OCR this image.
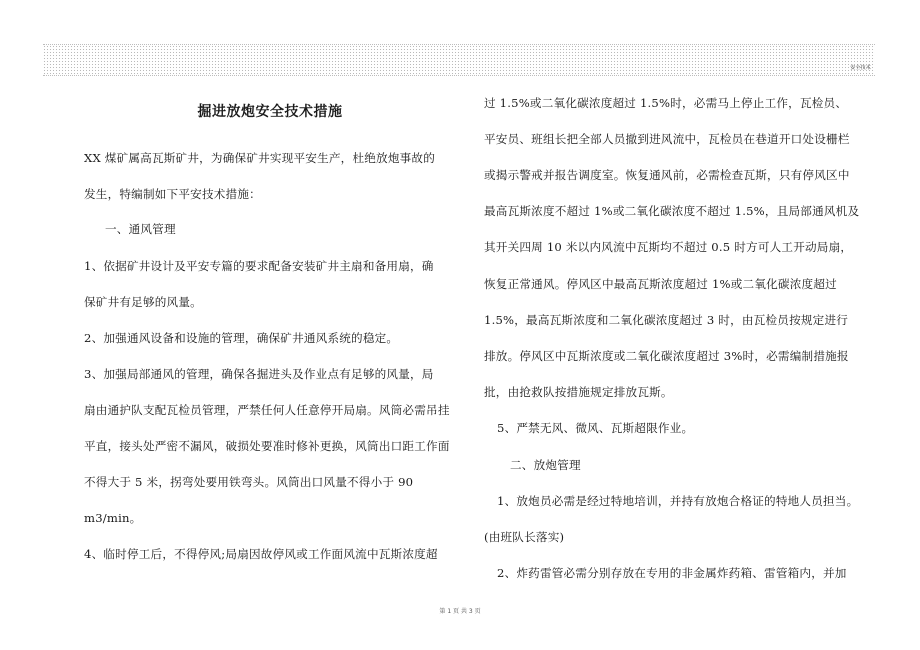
安全技术
掘进放炮安全技术措施
XX 煤矿属高瓦斯矿井，为确保矿井实现平安生产，杜绝放炮事故的
发生，特编制如下平安技术措施：
一、通风管理
1、依据矿井设计及平安专篇的要求配备安装矿井主扇和备用扇，确
保矿井有足够的风量。
2、加强通风设备和设施的管理，确保矿井通风系统的稳定。
3、加强局部通风的管理，确保各掘进头及作业点有足够的风量，局
扇由通护队支配瓦检员管理，严禁任何人任意停开局扇。风筒必需吊挂
平直，接头处严密不漏风，破损处要准时修补更换，风筒出口距工作面
不得大于 5 米，拐弯处要用铁弯头。风筒出口风量不得小于 90
m3/min。
4、临时停工后，不得停风;局扇因故停风或工作面风流中瓦斯浓度超
过 1.5%或二氧化碳浓度超过 1.5%时，必需马上停止工作，瓦检员、
平安员、班组长把全部人员撤到进风流中，瓦检员在巷道开口处设栅栏
或揭示警戒并报告调度室。恢复通风前，必需检查瓦斯，只有停风区中
最高瓦斯浓度不超过 1%或二氧化碳浓度不超过 1.5%，且局部通风机及
其开关四周 10 米以内风流中瓦斯均不超过 0.5 时方可人工开动局扇，
恢复正常通风。停风区中最高瓦斯浓度超过 1%或二氧化碳浓度超过
1.5%，最高瓦斯浓度和二氧化碳浓度超过 3 时，由瓦检员按规定进行
排放。停风区中瓦斯浓度或二氧化碳浓度超过 3%时，必需编制措施报
批，由抢救队按措施规定排放瓦斯。
5、严禁无风、微风、瓦斯超限作业。
二、放炮管理
1、放炮员必需是经过特地培训，并持有放炮合格证的特地人员担当。
(由班队长落实)
2、炸药雷管必需分别存放在专用的非金属炸药箱、雷管箱内，并加
第 1 页 共 3 页
